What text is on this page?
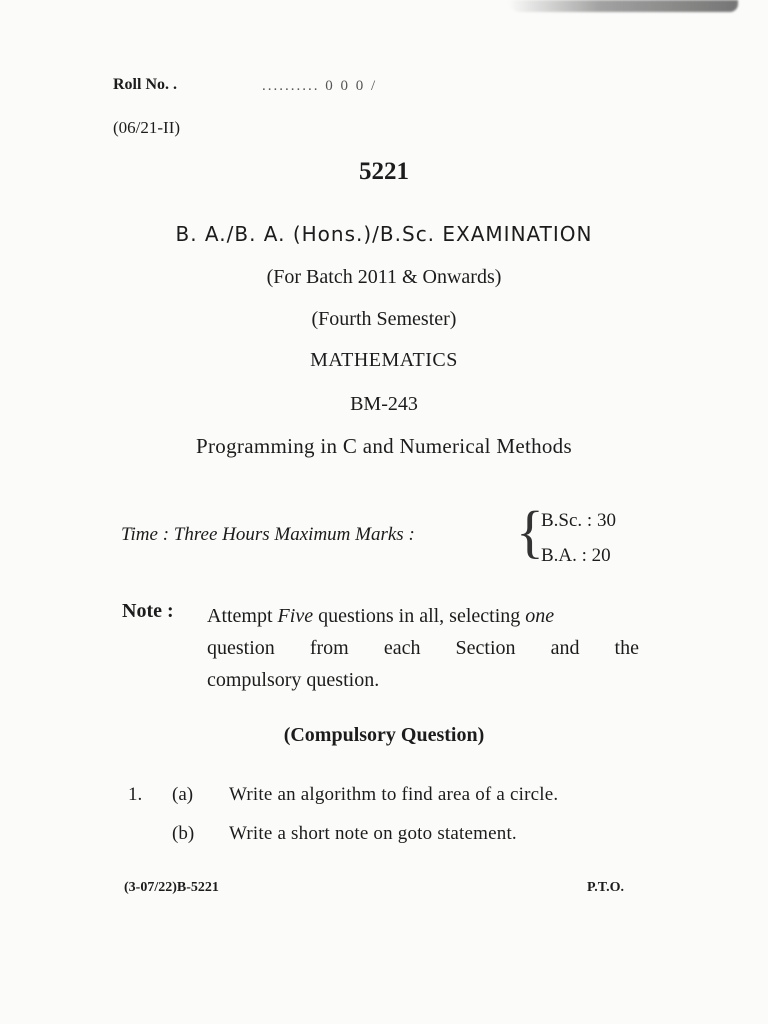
Roll No. .	.......... 0 0 0 /
(06/21-II)
5221
B. A./B. A. (Hons.)/B.Sc. EXAMINATION
(For Batch 2011 & Onwards)
(Fourth Semester)
MATHEMATICS
BM-243
Programming in C and Numerical Methods
Time : Three Hours Maximum Marks : {
B.Sc. : 30
B.A. : 20
Note : Attempt Five questions in all, selecting one
question from each Section and the
compulsory question.
(Compulsory Question)
1. (a) Write an algorithm to find area of a circle.
(b) Write a short note on goto statement.
(3-07/22)B-5221	P.T.O.
